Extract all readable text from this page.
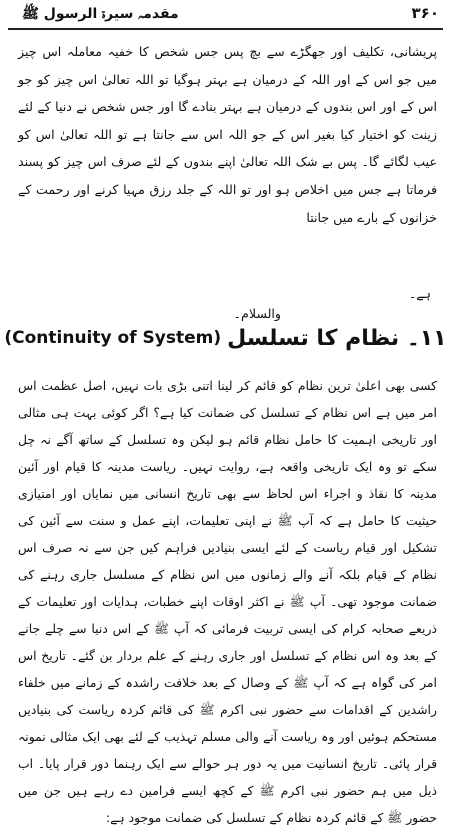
۳۶۰
مقدمہ سیرۃ الرسول ﷺ
پریشانی، تکلیف اور جھگڑے سے بچ پس جس شخص کا خفیہ معاملہ اس چیز میں جو اس کے اور اللہ کے درمیان ہے بہتر ہوگیا تو اللہ تعالیٰ اس چیز کو جو اس کے اور اس بندوں کے درمیان ہے بہتر بنادے گا اور جس شخص نے دنیا کے لئے زینت کو اختیار کیا بغیر اس کے جو اللہ اس سے جانتا ہے تو اللہ تعالیٰ اس کو عیب لگائے گا۔ پس بے شک اللہ تعالیٰ اپنے بندوں کے لئے صرف اس چیز کو پسند فرماتا ہے جس میں اخلاص ہو اور تو اللہ کے جلد رزق مہیا کرنے اور رحمت کے خزانوں کے بارے میں جانتا
ہے۔
والسلام۔
(Continuity of System) ۱۱۔ نظام کا تسلسل
کسی بھی اعلیٰ ترین نظام کو قائم کر لینا اتنی بڑی بات نہیں، اصل عظمت اس امر میں ہے اس نظام کے تسلسل کی ضمانت کیا ہے؟ اگر کوئی بہت ہی مثالی اور تاریخی اہمیت کا حامل نظام قائم ہو لیکن وہ تسلسل کے ساتھ آگے نہ چل سکے تو وہ ایک تاریخی واقعہ ہے، روایت نہیں۔ ریاست مدینہ کا قیام اور آئین مدینہ کا نفاذ و اجراء اس لحاظ سے بھی تاریخ انسانی میں نمایاں اور امتیازی حیثیت کا حامل ہے کہ آپ ﷺ نے اپنی تعلیمات، اپنے عمل و سنت سے آئین کی تشکیل اور قیام ریاست کے لئے ایسی بنیادیں فراہم کیں جن سے نہ صرف اس نظام کے قیام بلکہ آنے والے زمانوں میں اس نظام کے مسلسل جاری رہنے کی ضمانت موجود تھی۔ آپ ﷺ نے اکثر اوقات اپنے خطبات، ہدایات اور تعلیمات کے ذریعے صحابہ کرام کی ایسی تربیت فرمائی کہ آپ ﷺ کے اس دنیا سے چلے جانے کے بعد وہ اس نظام کے تسلسل اور جاری رہنے کے علم بردار بن گئے۔ تاریخ اس امر کی گواہ ہے کہ آپ ﷺ کے وصال کے بعد خلافت راشدہ کے زمانے میں خلفاء راشدین کے اقدامات سے حضور نبی اکرم ﷺ کی قائم کردہ ریاست کی بنیادیں مستحکم ہوئیں اور وہ ریاست آنے والی مسلم تہذیب کے لئے بھی ایک مثالی نمونہ قرار پائی۔ تاریخ انسانیت میں یہ دور ہر حوالے سے ایک رہنما دور قرار پایا۔ اب ذیل میں ہم حضور نبی اکرم ﷺ کے کچھ ایسے فرامین دے رہے ہیں جن میں حضور ﷺ کے قائم کردہ نظام کے تسلسل کی ضمانت موجود ہے:
